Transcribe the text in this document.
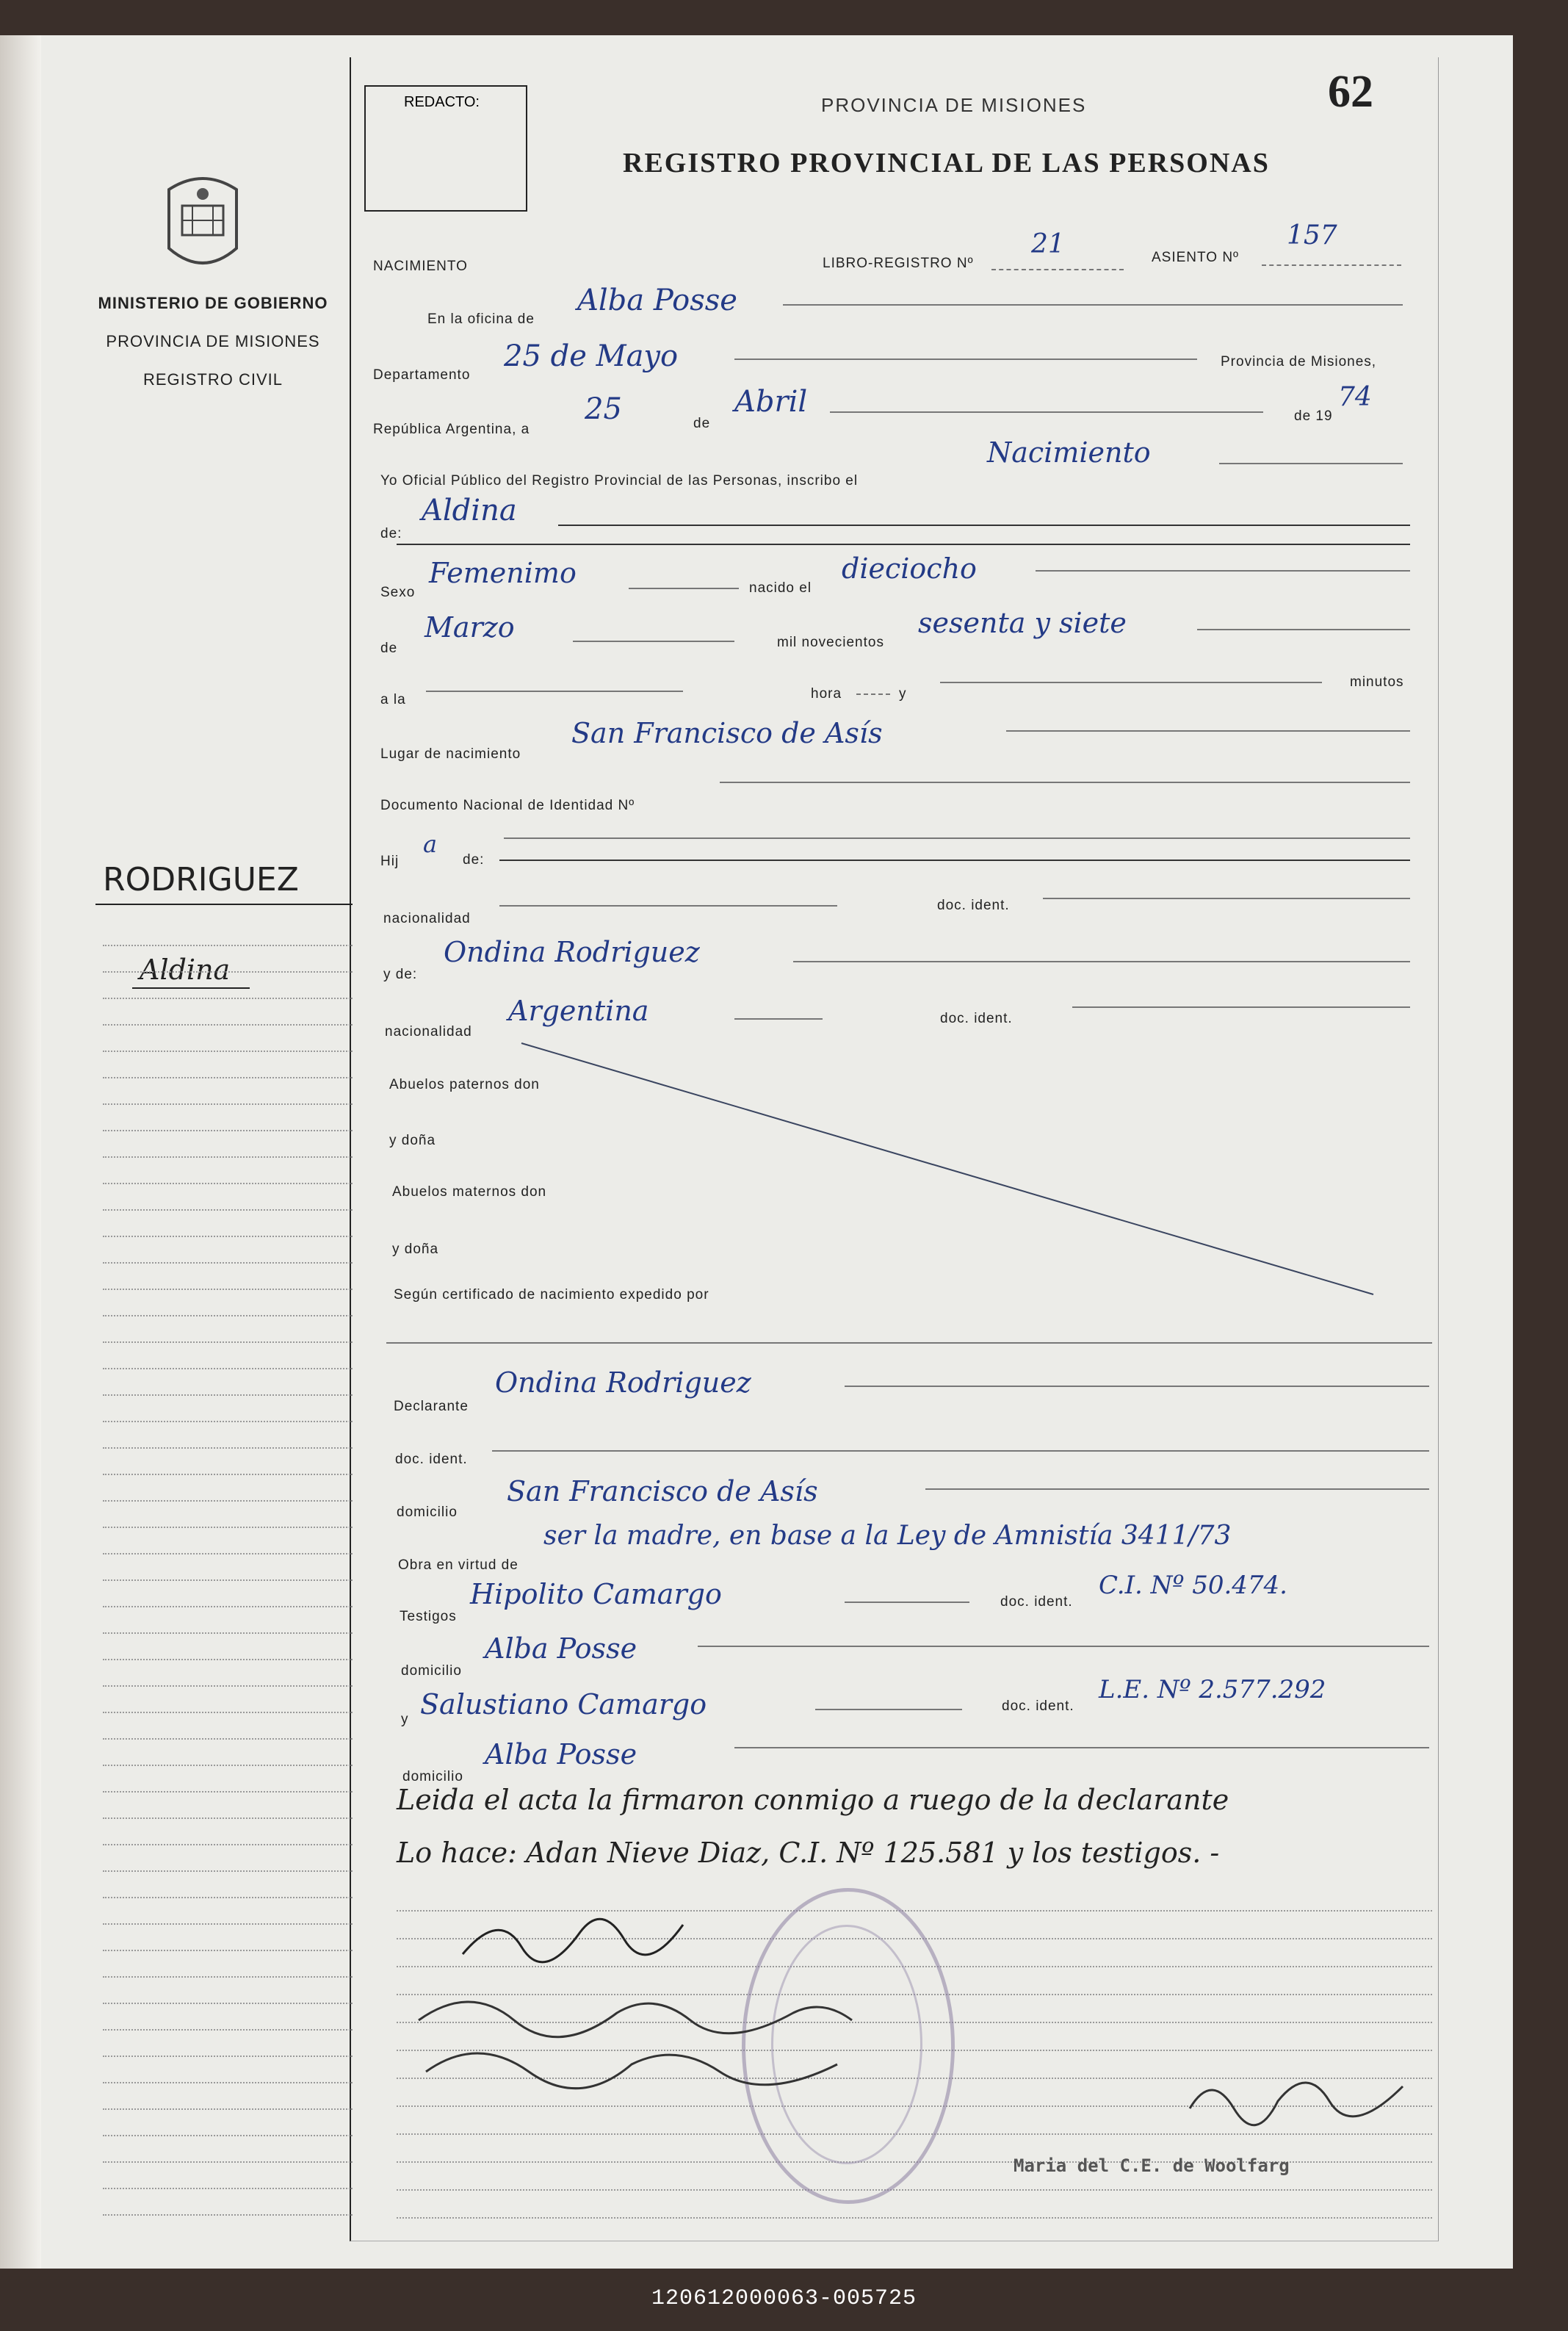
MINISTERIO DE GOBIERNO
PROVINCIA DE MISIONES
REGISTRO CIVIL
RODRIGUEZ
Aldina
REDACTO:	PROVINCIA DE MISIONES
REGISTRO PROVINCIAL DE LAS PERSONAS
62
NACIMIENTO	LIBRO-REGISTRO Nº
21	ASIENTO Nº
157
En la oficina de
Alba Posse
Departamento
25 de Mayo	Provincia de Misiones,
República Argentina, a
25	de
Abril	de 19
74
Yo Oficial Público del Registro Provincial de las Personas, inscribo el
Nacimiento
de:
Aldina
Sexo
Femenimo	nacido el
dieciocho
de
Marzo	mil novecientos
sesenta y siete
a la	hora	y
minutos
Lugar de nacimiento
San Francisco de Asís
Documento Nacional de Identidad Nº
Hij
a
de:
nacionalidad
doc. ident.
y de:
Ondina Rodriguez
nacionalidad
Argentina	doc. ident.
Abuelos paternos don
y doña
Abuelos maternos don
y doña
Según certificado de nacimiento expedido por
Declarante
Ondina Rodriguez
doc. ident.
domicilio
San Francisco de Asís
Obra en virtud de
ser la madre, en base a la Ley de Amnistía 3411/73
Testigos
Hipolito Camargo	doc. ident.
C.I. Nº 50.474.
domicilio
Alba Posse
y Salustiano Camargo	doc. ident.
L.E. Nº 2.577.292
domicilio
Alba Posse
Leida el acta la firmaron conmigo a ruego de la declarante
Lo hace: Adan Nieve Diaz, C.I. Nº 125.581 y los testigos. -
Maria del C.E. de Woolfarg
120612000063-005725
